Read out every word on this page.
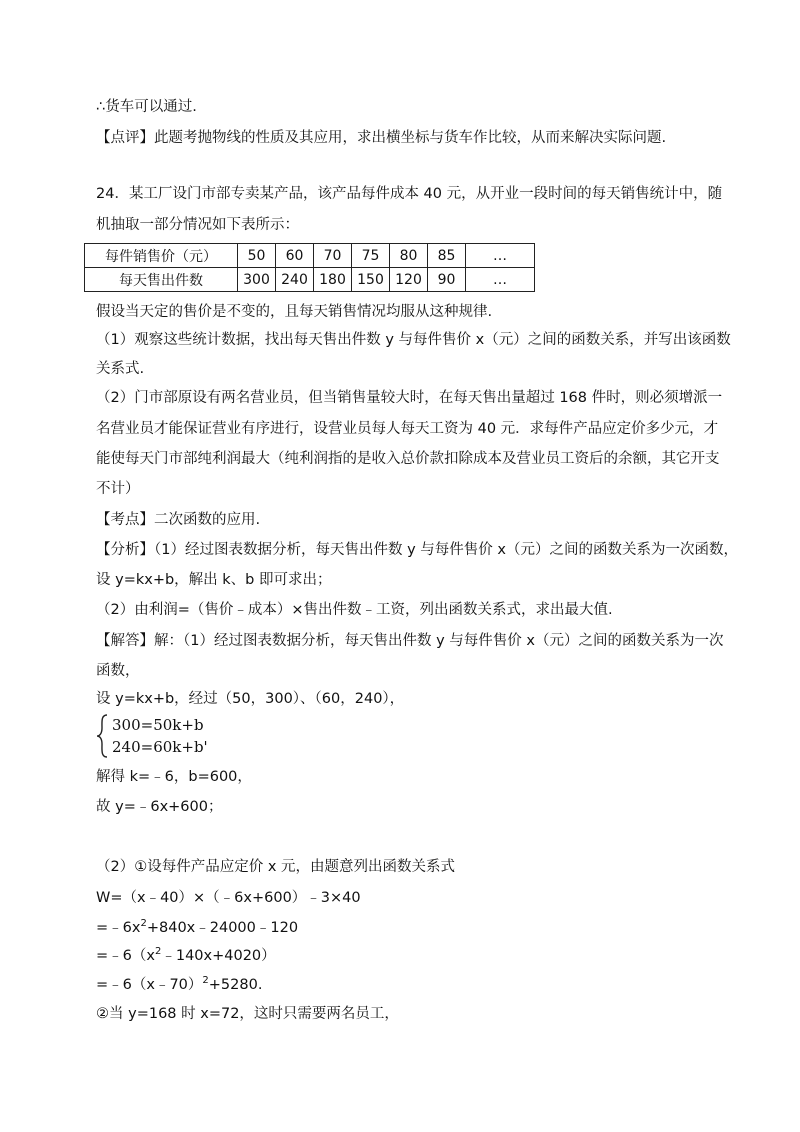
∴货车可以通过.
【点评】此题考抛物线的性质及其应用，求出横坐标与货车作比较，从而来解决实际问题.
24．某工厂设门市部专卖某产品，该产品每件成本 40 元，从开业一段时间的每天销售统计中，随
机抽取一部分情况如下表所示：
每件销售价（元）	50	60	70	75	80	85	…
每天售出件数	300	240	180	150	120	90	…
假设当天定的售价是不变的，且每天销售情况均服从这种规律.
（1）观察这些统计数据，找出每天售出件数 y 与每件售价 x（元）之间的函数关系，并写出该函数
关系式.
（2）门市部原设有两名营业员，但当销售量较大时，在每天售出量超过 168 件时，则必须增派一
名营业员才能保证营业有序进行，设营业员每人每天工资为 40 元．求每件产品应定价多少元，才
能使每天门市部纯利润最大（纯利润指的是收入总价款扣除成本及营业员工资后的余额，其它开支
不计）
【考点】二次函数的应用.
【分析】（1）经过图表数据分析，每天售出件数 y 与每件售价 x（元）之间的函数关系为一次函数，
设 y=kx+b，解出 k、b 即可求出；
（2）由利润=（售价﹣成本）×售出件数﹣工资，列出函数关系式，求出最大值.
【解答】解：（1）经过图表数据分析，每天售出件数 y 与每件售价 x（元）之间的函数关系为一次
函数，
设 y=kx+b，经过（50，300）、（60，240），
300=50k+b
240=60k+b'
解得 k=﹣6，b=600，
故 y=﹣6x+600；
（2）①设每件产品应定价 x 元，由题意列出函数关系式
W=（x﹣40）×（﹣6x+600）﹣3×40
$=﹣6x^2+840x﹣24000﹣120$
$=﹣6(x^2﹣140x+4020)$
=﹣6（x﹣70）$^2$+5280.
②当 y=168 时 x=72，这时只需要两名员工，
